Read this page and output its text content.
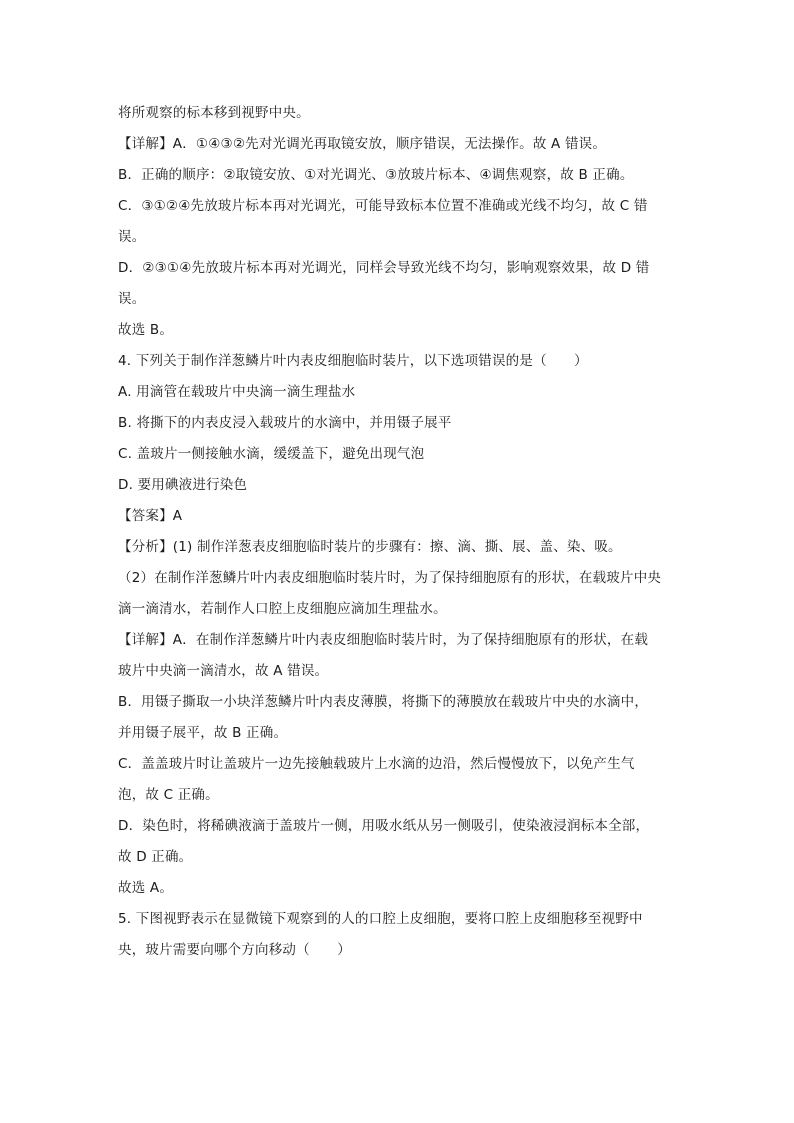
将所观察的标本移到视野中央。
【详解】A．①④③②先对光调光再取镜安放，顺序错误，无法操作。故 A 错误。
B．正确的顺序：②取镜安放、①对光调光、③放玻片标本、④调焦观察，故 B 正确。
C．③①②④先放玻片标本再对光调光，可能导致标本位置不准确或光线不均匀，故 C 错
误。
D．②③①④先放玻片标本再对光调光，同样会导致光线不均匀，影响观察效果，故 D 错
误。
故选 B。
4. 下列关于制作洋葱鳞片叶内表皮细胞临时装片，以下选项错误的是（　　）
A. 用滴管在载玻片中央滴一滴生理盐水
B. 将撕下的内表皮浸入载玻片的水滴中，并用镊子展平
C. 盖玻片一侧接触水滴，缓缓盖下，避免出现气泡
D. 要用碘液进行染色
【答案】A
【分析】(1) 制作洋葱表皮细胞临时装片的步骤有：擦、滴、撕、展、盖、染、吸。
（2）在制作洋葱鳞片叶内表皮细胞临时装片时，为了保持细胞原有的形状，在载玻片中央
滴一滴清水，若制作人口腔上皮细胞应滴加生理盐水。
【详解】A．在制作洋葱鳞片叶内表皮细胞临时装片时，为了保持细胞原有的形状，在载
玻片中央滴一滴清水，故 A 错误。
B．用镊子撕取一小块洋葱鳞片叶内表皮薄膜，将撕下的薄膜放在载玻片中央的水滴中，
并用镊子展平，故 B 正确。
C．盖盖玻片时让盖玻片一边先接触载玻片上水滴的边沿，然后慢慢放下，以免产生气
泡，故 C 正确。
D．染色时，将稀碘液滴于盖玻片一侧，用吸水纸从另一侧吸引，使染液浸润标本全部，
故 D 正确。
故选 A。
5. 下图视野表示在显微镜下观察到的人的口腔上皮细胞，要将口腔上皮细胞移至视野中
央，玻片需要向哪个方向移动（　　）
